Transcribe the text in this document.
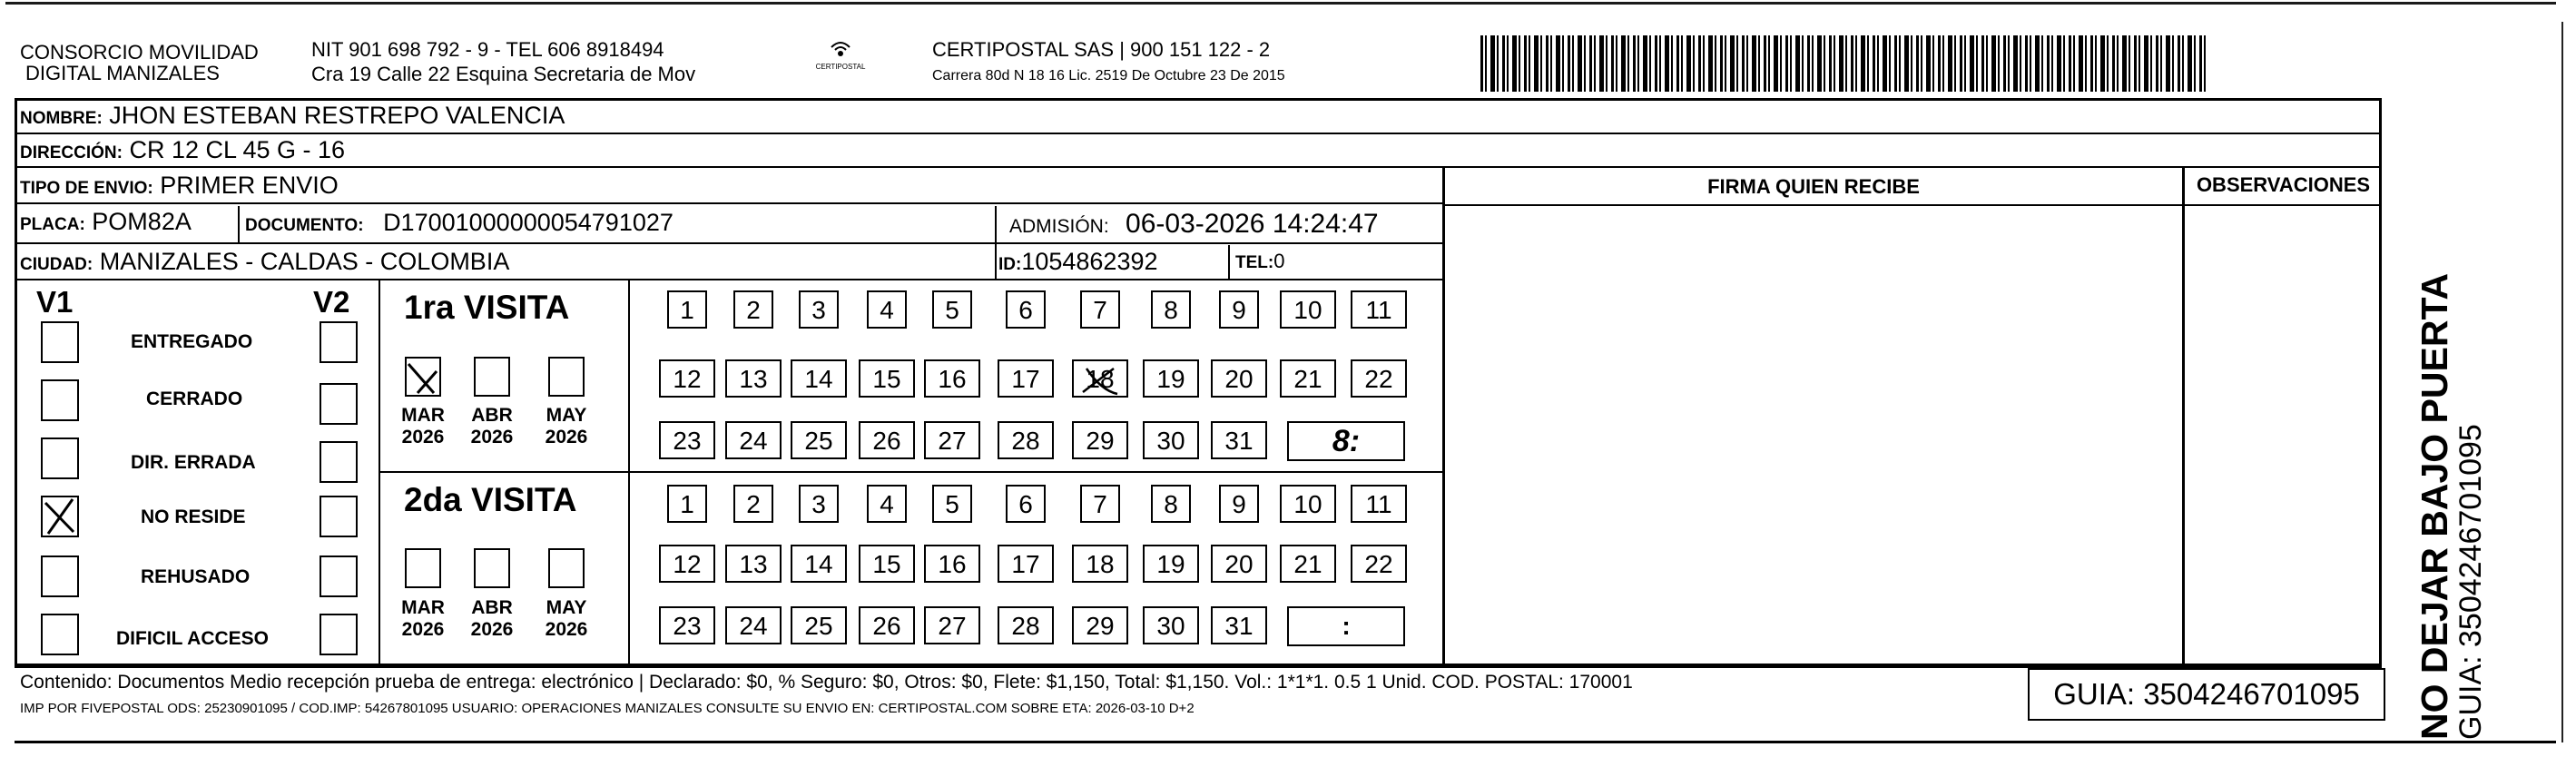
CONSORCIO MOVILIDAD
DIGITAL MANIZALES
NIT 901 698 792 - 9 - TEL 606 8918494
Cra 19 Calle 22 Esquina Secretaria de Mov	CERTIPOSTAL
CERTIPOSTAL SAS | 900 151 122 - 2
Carrera 80d N 18 16 Lic. 2519 De Octubre 23 De 2015
NOMBRE: JHON ESTEBAN RESTREPO VALENCIA
DIRECCIÓN: CR 12 CL 45 G - 16
TIPO DE ENVIO: PRIMER ENVIO
PLACA: POM82A
CIUDAD: MANIZALES - CALDAS - COLOMBIA
DOCUMENTO: D17001000000054791027	ADMISIÓN: 06-03-2026 14:24:47
ID:1054862392	TEL:0
FIRMA QUIEN RECIBE	OBSERVACIONES
V1	V2
ENTREGADO
CERRADO
DIR. ERRADA
NO RESIDE
REHUSADO
DIFICIL ACCESO
1ra VISITA
MAR
2026
ABR
2026
MAY
2026
2da VISITA
MAR
2026
ABR
2026
MAY
2026
1	2	3	4	5	6	7	8	9	10	11
12	13	14	15	16	17	18	19	20	21	22
23	24	25	26	27	28	29	30	31	8:
1	2	3	4	5	6	7	8	9	10	11
12	13	14	15	16	17	18	19	20	21	22
23	24	25	26	27	28	29	30	31	:
Contenido: Documentos Medio recepción prueba de entrega: electrónico | Declarado: $0, % Seguro: $0, Otros: $0, Flete: $1,150, Total: $1,150. Vol.: 1*1*1. 0.5 1 Unid. COD. POSTAL: 170001
IMP POR FIVEPOSTAL ODS: 25230901095 / COD.IMP: 54267801095 USUARIO: OPERACIONES MANIZALES CONSULTE SU ENVIO EN: CERTIPOSTAL.COM SOBRE ETA: 2026-03-10 D+2	GUIA: 3504246701095	NO DEJAR BAJO PUERTA
GUIA: 3504246701095
